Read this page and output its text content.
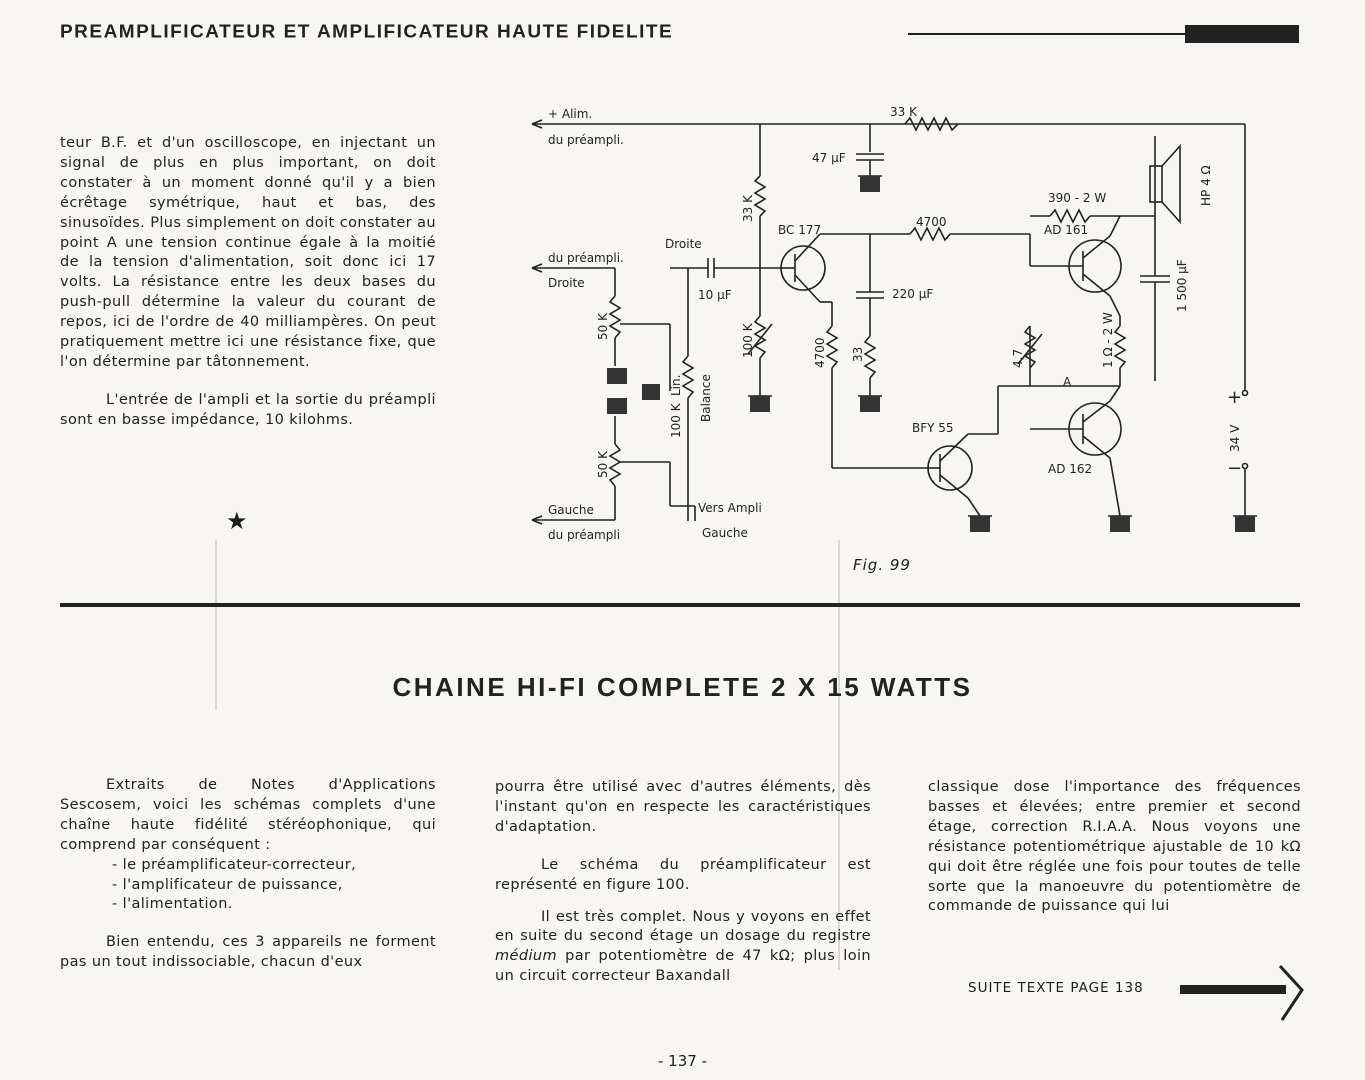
PREAMPLIFICATEUR ET AMPLIFICATEUR HAUTE FIDELITE

teur B.F. et d'un oscilloscope, en injectant un signal de plus en plus important, on doit constater à un moment donné qu'il y a bien écrêtage symétrique, haut et bas, des sinusoïdes. Plus simplement on doit constater au point A une tension continue égale à la moitié de la tension d'alimentation, soit donc ici 17 volts. La résistance entre les deux bases du push-pull détermine la valeur du courant de repos, ici de l'ordre de 40 milliampères. On peut pratiquement mettre ici une résistance fixe, que l'on détermine par tâtonnement.

L'entrée de l'ampli et la sortie du préampli sont en basse impédance, 10 kilohms.

★
+ Alim.
du préampli.
du préampli.
Droite
Droite
Gauche
du préampli
Vers Ampli
Gauche
10 µF
47 µF
BC 177
220 µF
33 K
4700
390 - 2 W
AD 161
BFY 55
AD 162
A
+
−
33 K
100 K
50 K
50 K
Lin.
100 K Balance
4700 33	4,7	1 Ω - 2 W
1 500 µF
HP 4 Ω
34 V
Fig. 99
CHAINE HI-FI COMPLETE 2 X 15 WATTS

Extraits de Notes d'Applications Sescosem, voici les schémas complets d'une chaîne haute fidélité stéréophonique, qui comprend par conséquent :

- le préamplificateur-correcteur,

- l'amplificateur de puissance,

- l'alimentation.

Bien entendu, ces 3 appareils ne forment pas un tout indissociable, chacun d'eux

pourra être utilisé avec d'autres éléments, dès l'instant qu'on en respecte les caractéristiques d'adaptation.

Le schéma du préamplificateur est représenté en figure 100.

Il est très complet. Nous y voyons en effet en suite du second étage un dosage du registre médium par potentiomètre de 47 kΩ; plus loin un circuit correcteur Baxandall

classique dose l'importance des fréquences basses et élevées; entre premier et second étage, correction R.I.A.A. Nous voyons une résistance potentiométrique ajustable de 10 kΩ qui doit être réglée une fois pour toutes de telle sorte que la manoeuvre du potentiomètre de commande de puissance qui lui

SUITE TEXTE PAGE 138
- 137 -
